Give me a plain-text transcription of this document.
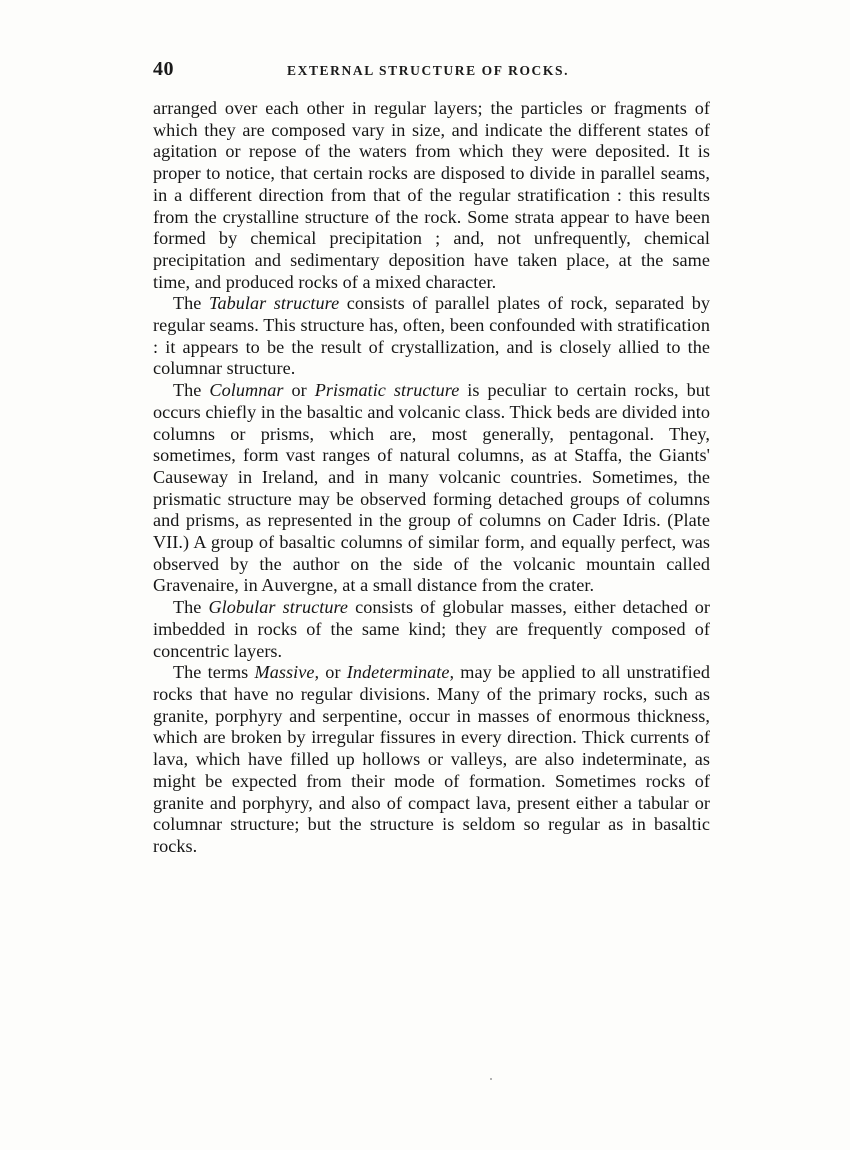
40	EXTERNAL STRUCTURE OF ROCKS.

arranged over each other in regular layers; the particles or fragments of which they are composed vary in size, and indicate the different states of agitation or repose of the waters from which they were deposited. It is proper to notice, that certain rocks are disposed to divide in parallel seams, in a different direction from that of the regular stratification : this results from the crystalline structure of the rock. Some strata appear to have been formed by chemical precipitation ; and, not unfrequently, chemical precipitation and sedimentary deposition have taken place, at the same time, and produced rocks of a mixed character.

The Tabular structure consists of parallel plates of rock, separated by regular seams. This structure has, often, been confounded with stratification : it appears to be the result of crystallization, and is closely allied to the columnar structure.

The Columnar or Prismatic structure is peculiar to certain rocks, but occurs chiefly in the basaltic and volcanic class. Thick beds are divided into columns or prisms, which are, most generally, pentagonal. They, sometimes, form vast ranges of natural columns, as at Staffa, the Giants' Causeway in Ireland, and in many volcanic countries. Sometimes, the prismatic structure may be observed forming detached groups of columns and prisms, as represented in the group of columns on Cader Idris. (Plate VII.) A group of basaltic columns of similar form, and equally perfect, was observed by the author on the side of the volcanic mountain called Gravenaire, in Auvergne, at a small distance from the crater.

The Globular structure consists of globular masses, either detached or imbedded in rocks of the same kind; they are frequently composed of concentric layers.

The terms Massive, or Indeterminate, may be applied to all unstratified rocks that have no regular divisions. Many of the primary rocks, such as granite, porphyry and serpentine, occur in masses of enormous thickness, which are broken by irregular fissures in every direction. Thick currents of lava, which have filled up hollows or valleys, are also indeterminate, as might be expected from their mode of formation. Sometimes rocks of granite and porphyry, and also of compact lava, present either a tabular or columnar structure; but the structure is seldom so regular as in basaltic rocks.
